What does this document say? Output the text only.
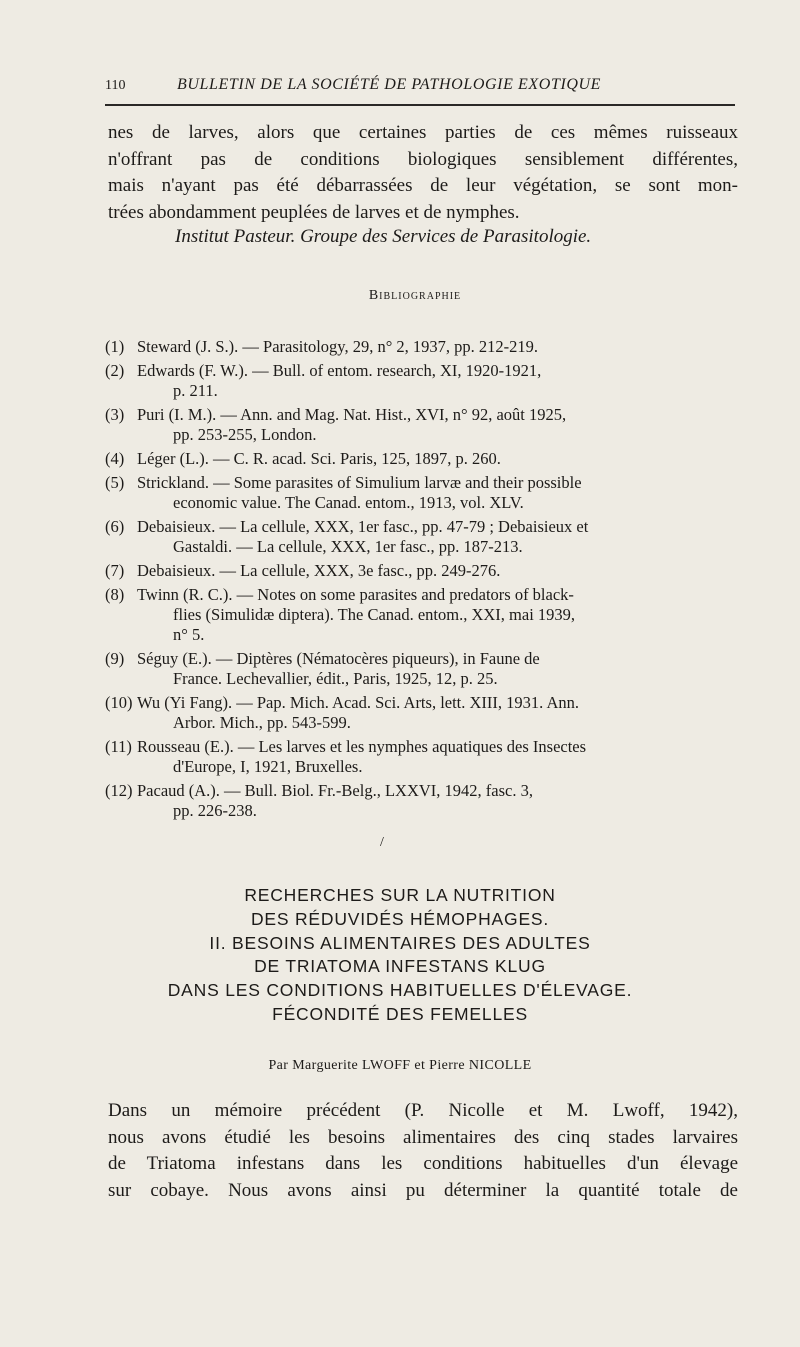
110	BULLETIN DE LA SOCIÉTÉ DE PATHOLOGIE EXOTIQUE
nes de larves, alors que certaines parties de ces mêmes ruisseaux
n'offrant pas de conditions biologiques sensiblement différentes,
mais n'ayant pas été débarrassées de leur végétation, se sont mon-
trées abondamment peuplées de larves et de nymphes.
Institut Pasteur. Groupe des Services de Parasitologie.
Bibliographie
(1) Steward (J. S.). — Parasitology, 29, n° 2, 1937, pp. 212-219.
(2) Edwards (F. W.). — Bull. of entom. research, XI, 1920-1921,
p. 211.
(3) Puri (I. M.). — Ann. and Mag. Nat. Hist., XVI, n° 92, août 1925,
pp. 253-255, London.
(4) Léger (L.). — C. R. acad. Sci. Paris, 125, 1897, p. 260.
(5) Strickland. — Some parasites of Simulium larvæ and their possible
economic value. The Canad. entom., 1913, vol. XLV.
(6) Debaisieux. — La cellule, XXX, 1er fasc., pp. 47-79 ; Debaisieux et
Gastaldi. — La cellule, XXX, 1er fasc., pp. 187-213.
(7) Debaisieux. — La cellule, XXX, 3e fasc., pp. 249-276.
(8) Twinn (R. C.). — Notes on some parasites and predators of black-
flies (Simulidæ diptera). The Canad. entom., XXI, mai 1939,
n° 5.
(9) Séguy (E.). — Diptères (Nématocères piqueurs), in Faune de
France. Lechevallier, édit., Paris, 1925, 12, p. 25.
(10) Wu (Yi Fang). — Pap. Mich. Acad. Sci. Arts, lett. XIII, 1931. Ann.
Arbor. Mich., pp. 543-599.
(11) Rousseau (E.). — Les larves et les nymphes aquatiques des Insectes
d'Europe, I, 1921, Bruxelles.
(12) Pacaud (A.). — Bull. Biol. Fr.-Belg., LXXVI, 1942, fasc. 3,
pp. 226-238.
/
RECHERCHES SUR LA NUTRITION
DES RÉDUVIDÉS HÉMOPHAGES.
II. BESOINS ALIMENTAIRES DES ADULTES
DE TRIATOMA INFESTANS KLUG
DANS LES CONDITIONS HABITUELLES D'ÉLEVAGE.
FÉCONDITÉ DES FEMELLES
Par Marguerite LWOFF et Pierre NICOLLE
Dans un mémoire précédent (P. Nicolle et M. Lwoff, 1942),
nous avons étudié les besoins alimentaires des cinq stades larvaires
de Triatoma infestans dans les conditions habituelles d'un élevage
sur cobaye. Nous avons ainsi pu déterminer la quantité totale de
